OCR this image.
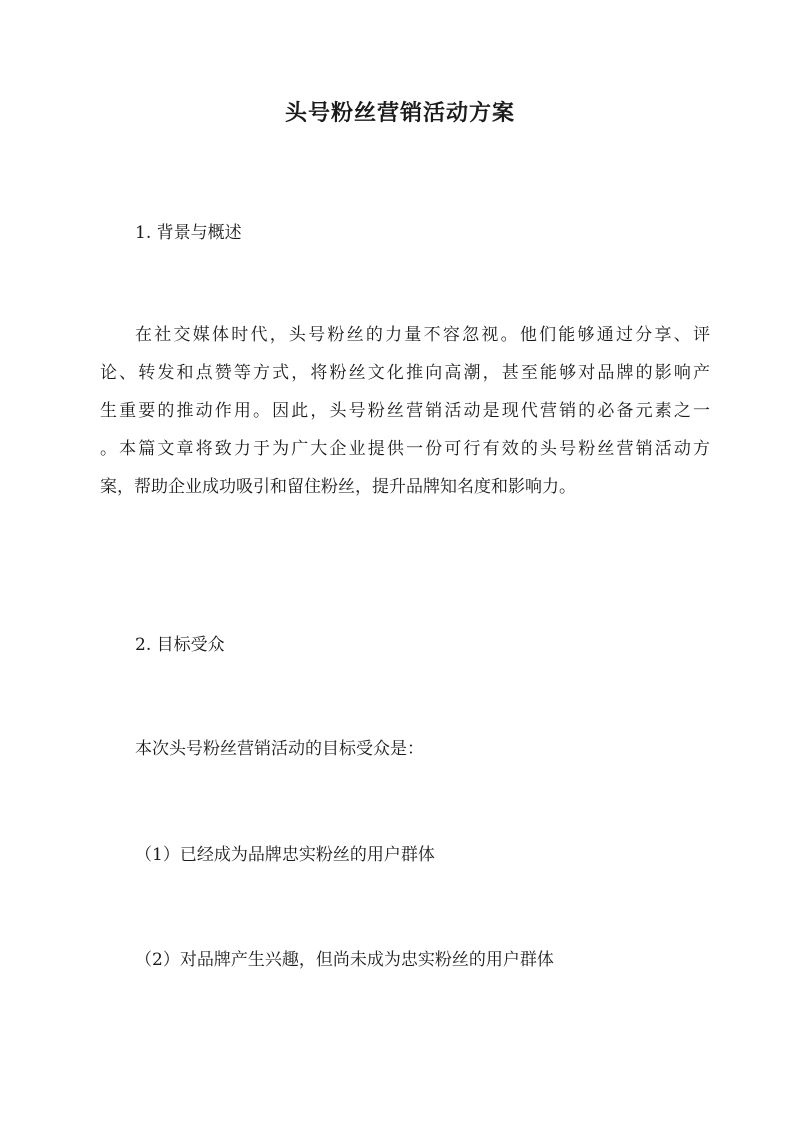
头号粉丝营销活动方案
1. 背景与概述
在社交媒体时代，头号粉丝的力量不容忽视。他们能够通过分享、评
论、转发和点赞等方式，将粉丝文化推向高潮，甚至能够对品牌的影响产
生重要的推动作用。因此，头号粉丝营销活动是现代营销的必备元素之一
。本篇文章将致力于为广大企业提供一份可行有效的头号粉丝营销活动方
案，帮助企业成功吸引和留住粉丝，提升品牌知名度和影响力。
2. 目标受众

本次头号粉丝营销活动的目标受众是：

（1）已经成为品牌忠实粉丝的用户群体

（2）对品牌产生兴趣，但尚未成为忠实粉丝的用户群体
